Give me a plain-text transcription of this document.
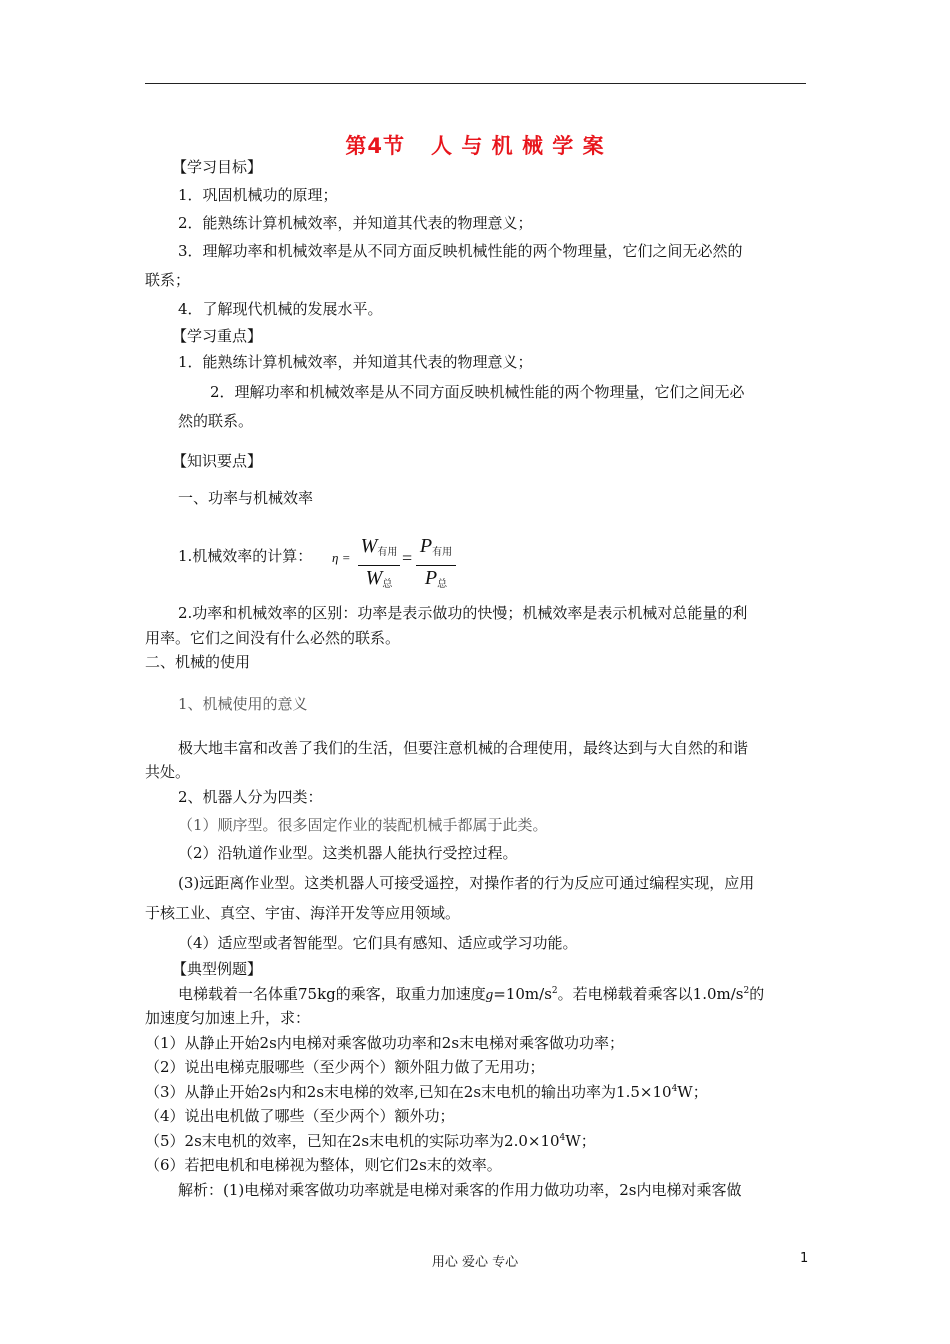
第4节 人 与 机 械 学 案
【学习目标】
1．巩固机械功的原理；
2．能熟练计算机械效率，并知道其代表的物理意义；
3．理解功率和机械效率是从不同方面反映机械性能的两个物理量，它们之间无必然的
联系；
4．了解现代机械的发展水平。
【学习重点】
1．能熟练计算机械效率，并知道其代表的物理意义；
2．理解功率和机械效率是从不同方面反映机械性能的两个物理量，它们之间无必
然的联系。
【知识要点】
一、功率与机械效率
1.机械效率的计算： η =
$W_{有用}$
$W_总$
=
$P_{有用}$
$P_总$
2.功率和机械效率的区别：功率是表示做功的快慢；机械效率是表示机械对总能量的利
用率。它们之间没有什么必然的联系。
二、机械的使用
1、机械使用的意义
极大地丰富和改善了我们的生活，但要注意机械的合理使用，最终达到与大自然的和谐
共处。
2、机器人分为四类：
（1）顺序型。很多固定作业的装配机械手都属于此类。
（2）沿轨道作业型。这类机器人能执行受控过程。
(3)远距离作业型。这类机器人可接受遥控，对操作者的行为反应可通过编程实现，应用
于核工业、真空、宇宙、海洋开发等应用领域。
（4）适应型或者智能型。它们具有感知、适应或学习功能。
【典型例题】
电梯载着一名体重75kg的乘客，取重力加速度$g=10m/s^2$。若电梯载着乘客以$1.0m/s^2$的
加速度匀加速上升，求：
（1）从静止开始2s内电梯对乘客做功功率和2s末电梯对乘客做功功率；
（2）说出电梯克服哪些（至少两个）额外阻力做了无用功；
（3）从静止开始2s内和2s末电梯的效率,已知在2s末电机的输出功率为$1.5\times 10^4W$；
（4）说出电机做了哪些（至少两个）额外功；
（5）2s末电机的效率，已知在2s末电机的实际功率为$2.0\times 10^4W$；
（6）若把电机和电梯视为整体，则它们2s末的效率。
解析：(1)电梯对乘客做功功率就是电梯对乘客的作用力做功功率，2s内电梯对乘客做
用心 爱心 专心	1
